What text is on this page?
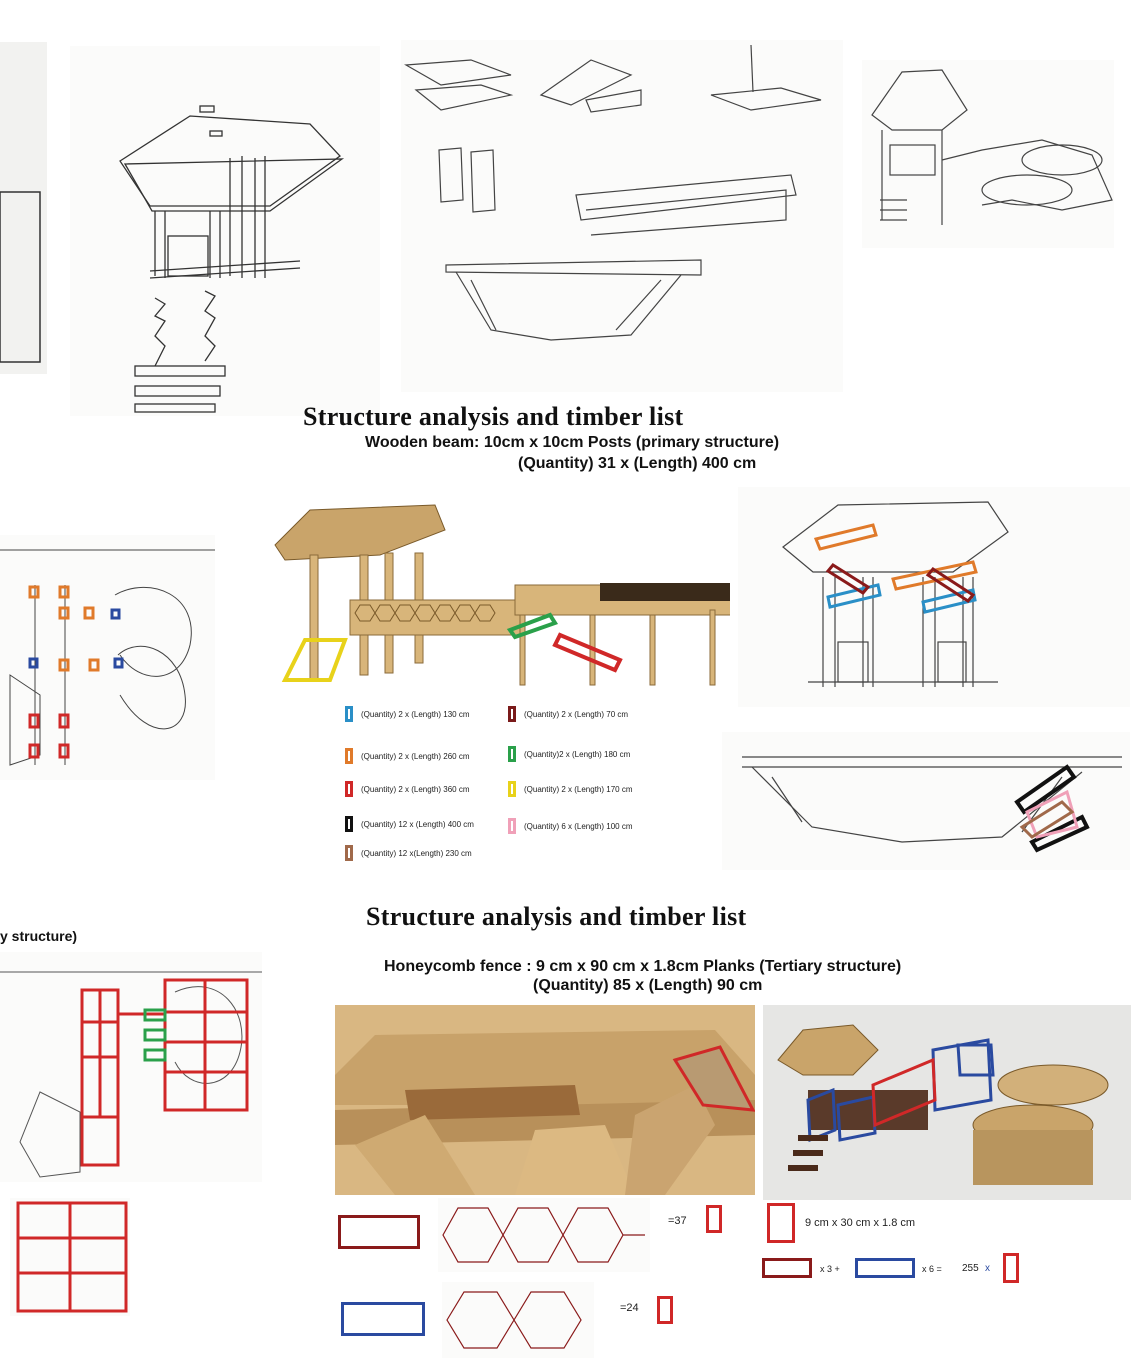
Structure analysis and timber list
Wooden beam: 10cm x 10cm Posts (primary structure)
(Quantity) 31 x (Length) 400 cm
(Quantity) 2 x (Length) 130 cm
(Quantity) 2 x (Length) 260 cm
(Quantity) 2 x (Length) 360 cm
(Quantity) 12 x (Length) 400 cm
(Quantity) 12 x(Length) 230 cm
(Quantity) 2 x (Length) 70 cm
(Quantity)2 x (Length) 180 cm
(Quantity) 2 x (Length) 170 cm
(Quantity) 6 x (Length) 100 cm
y structure)
Structure analysis and timber list
Honeycomb fence : 9 cm x 90 cm x 1.8cm Planks (Tertiary structure)
(Quantity) 85 x (Length) 90 cm
=37	9 cm x 30 cm x 1.8 cm
x 3 +	x 6 = 255 x
=24
